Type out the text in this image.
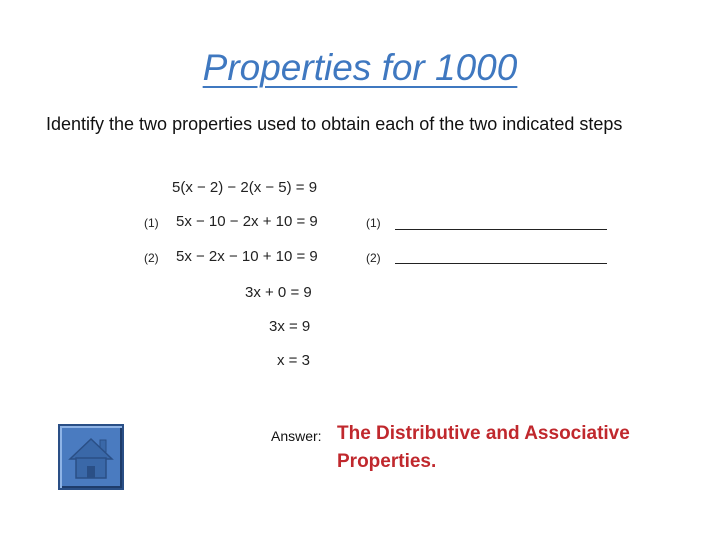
Properties for 1000
Identify the two properties used to obtain each of the two indicated steps
5(x − 2) − 2(x − 5) = 9
(1) 5x − 10 − 2x + 10 = 9
(2) 5x − 2x − 10 + 10 = 9
3x + 0 = 9
3x = 9
x = 3
(1)
(2)
Answer: The Distributive and Associative Properties.
